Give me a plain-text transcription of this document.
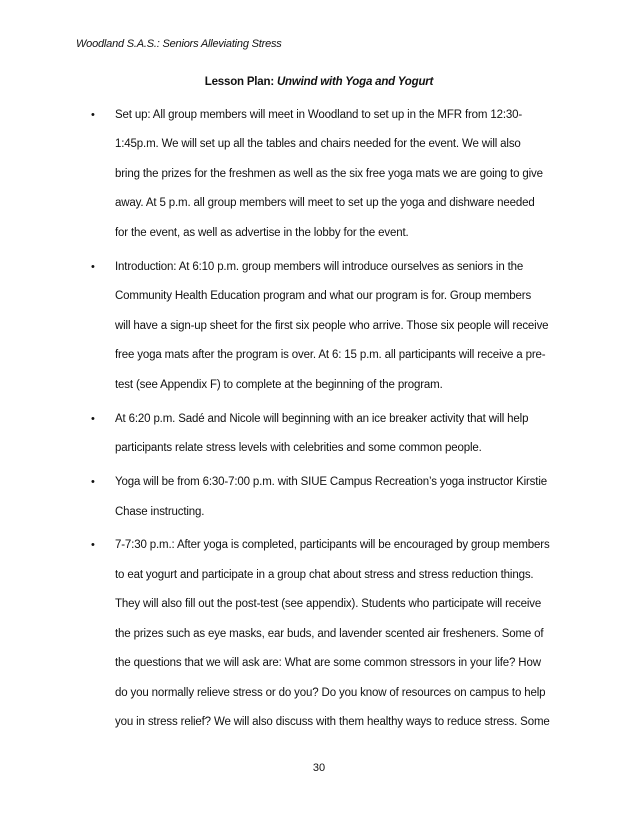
Woodland S.A.S.: Seniors Alleviating Stress
Lesson Plan: Unwind with Yoga and Yogurt
• Set up: All group members will meet in Woodland to set up in the MFR from 12:30-
1:45p.m. We will set up all the tables and chairs needed for the event. We will also
bring the prizes for the freshmen as well as the six free yoga mats we are going to give
away. At 5 p.m. all group members will meet to set up the yoga and dishware needed
for the event, as well as advertise in the lobby for the event.
• Introduction: At 6:10 p.m. group members will introduce ourselves as seniors in the
Community Health Education program and what our program is for. Group members
will have a sign-up sheet for the first six people who arrive. Those six people will receive
free yoga mats after the program is over. At 6: 15 p.m. all participants will receive a pre-
test (see Appendix F) to complete at the beginning of the program.
• At 6:20 p.m. Sadé and Nicole will beginning with an ice breaker activity that will help
participants relate stress levels with celebrities and some common people.
• Yoga will be from 6:30-7:00 p.m. with SIUE Campus Recreation’s yoga instructor Kirstie
Chase instructing.
• 7-7:30 p.m.: After yoga is completed, participants will be encouraged by group members
to eat yogurt and participate in a group chat about stress and stress reduction things.
They will also fill out the post-test (see appendix). Students who participate will receive
the prizes such as eye masks, ear buds, and lavender scented air fresheners. Some of
the questions that we will ask are: What are some common stressors in your life? How
do you normally relieve stress or do you? Do you know of resources on campus to help
you in stress relief? We will also discuss with them healthy ways to reduce stress. Some
30
